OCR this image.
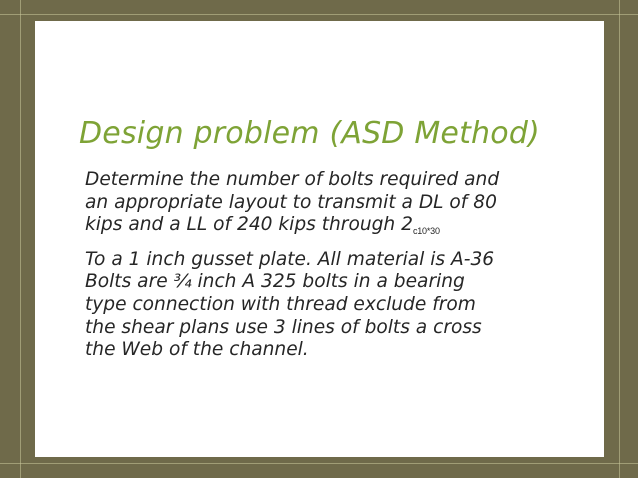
Design problem (ASD Method)

Determine the number of bolts required and

an appropriate layout to transmit a DL of 80

kips and a LL of 240 kips through $2_{c10*30}$

To a 1 inch gusset plate. All material is A-36

Bolts are ¾ inch A 325 bolts in a bearing

type connection with thread exclude from

the shear plans use 3 lines of bolts a cross

the Web of the channel.
